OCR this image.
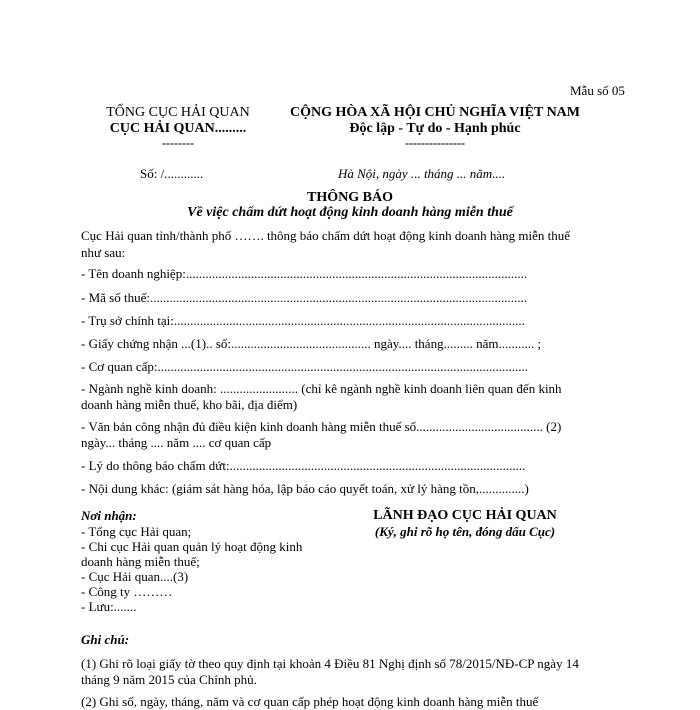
Mẫu số 05
TỔNG CỤC HẢI QUAN
CỤC HẢI QUAN.........
--------
CỘNG HÒA XÃ HỘI CHỦ NGHĨA VIỆT NAM
Độc lập - Tự do - Hạnh phúc
---------------
Số: /............	Hà Nội, ngày ... tháng ... năm....
THÔNG BÁO
Về việc chấm dứt hoạt động kinh doanh hàng miễn thuế
Cục Hải quan tỉnh/thành phố ……. thông báo chấm dứt hoạt động kinh doanh hàng miễn thuế
như sau:
- Tên doanh nghiệp:.........................................................................................................
- Mã số thuế:....................................................................................................................
- Trụ sở chính tại:............................................................................................................
- Giấy chứng nhận ...(1).. số:........................................... ngày.... tháng......... năm........... ;
- Cơ quan cấp:..................................................................................................................
- Ngành nghề kinh doanh: ........................ (chỉ kê ngành nghề kinh doanh liên quan đến kinh
doanh hàng miễn thuế, kho bãi, địa điểm)
- Văn bản công nhận đủ điều kiện kinh doanh hàng miễn thuế số....................................... (2)
ngày... tháng .... năm .... cơ quan cấp
- Lý do thông báo chấm dứt:...........................................................................................
- Nội dung khác: (giám sát hàng hóa, lập báo cáo quyết toán, xử lý hàng tồn,..............)
Nơi nhận:
- Tổng cục Hải quan;
- Chi cục Hải quan quản lý hoạt động kinh
doanh hàng miễn thuế;
- Cục Hải quan....(3)
- Công ty ………
- Lưu:.......
LÃNH ĐẠO CỤC HẢI QUAN
(Ký, ghi rõ họ tên, đóng dấu Cục)
Ghi chú:
(1) Ghi rõ loại giấy tờ theo quy định tại khoản 4 Điều 81 Nghị định số 78/2015/NĐ-CP ngày 14
tháng 9 năm 2015 của Chính phủ.
(2) Ghi số, ngày, tháng, năm và cơ quan cấp phép hoạt động kinh doanh hàng miễn thuế
